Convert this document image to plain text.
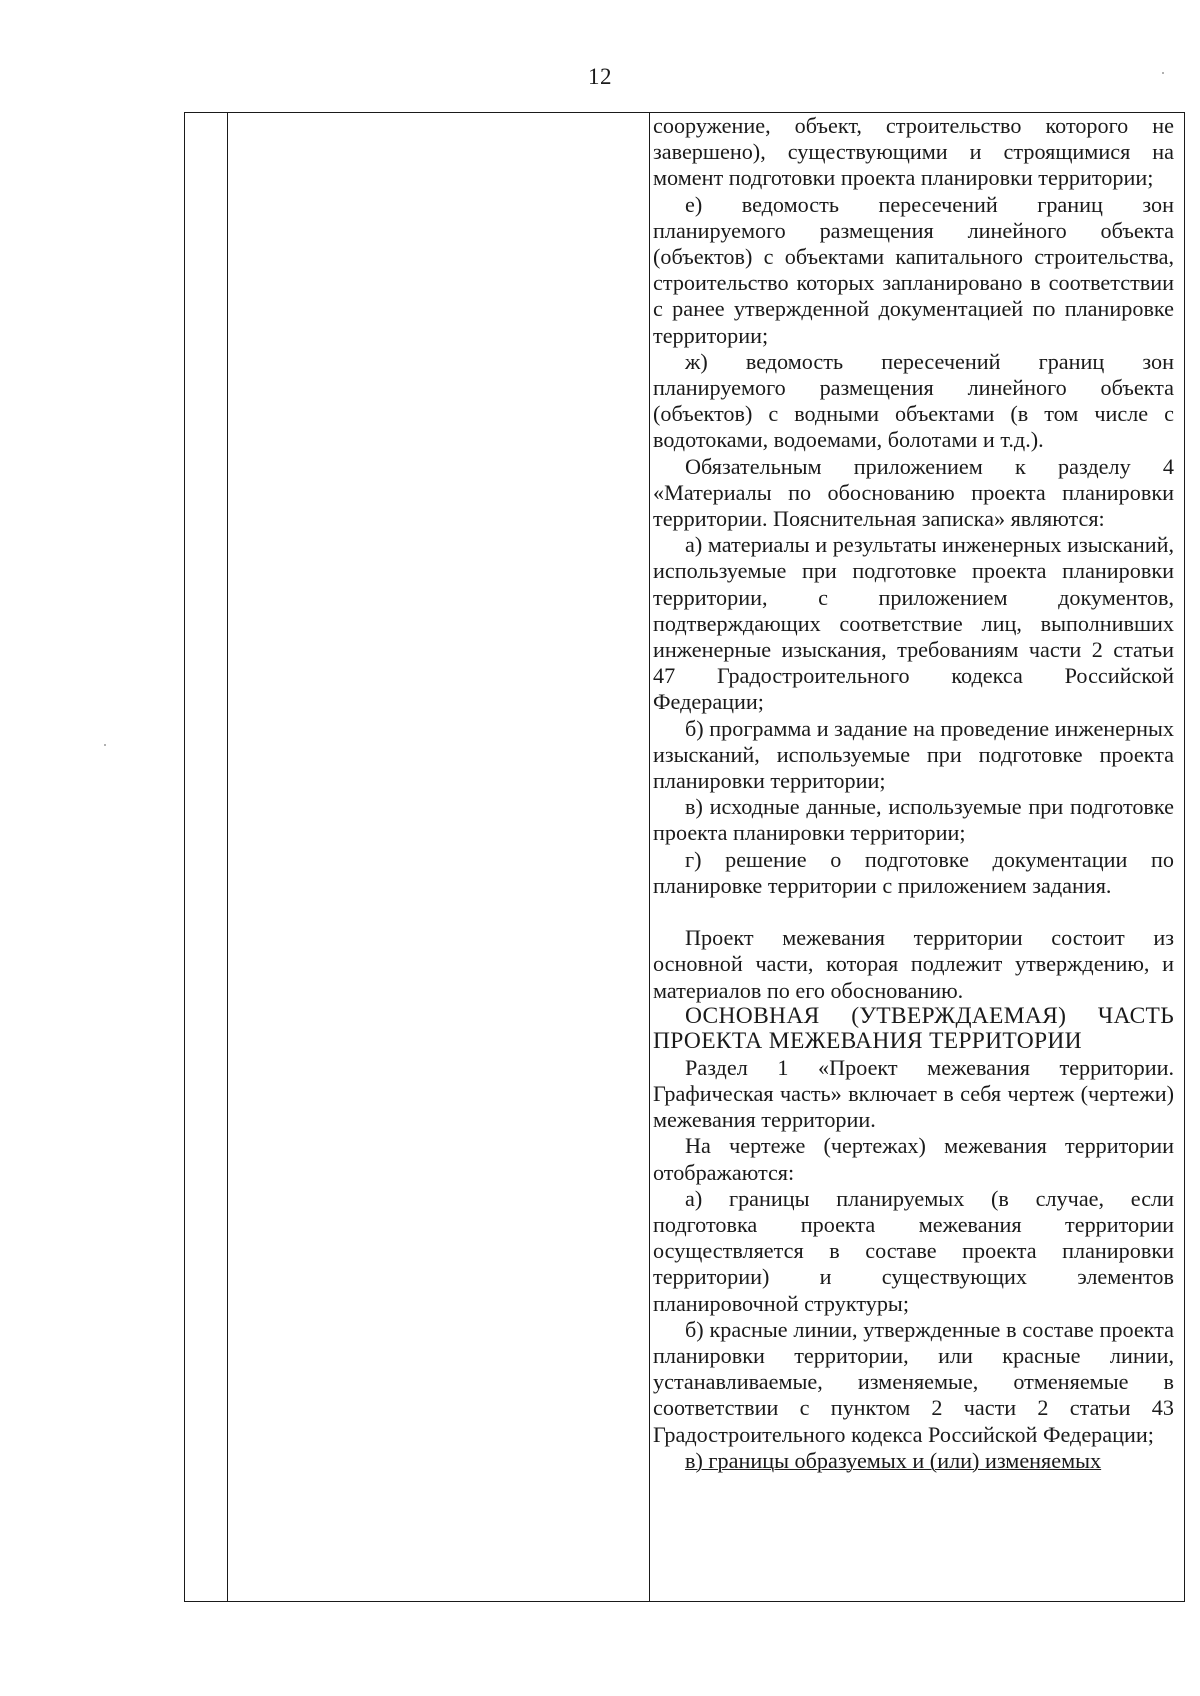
12

сооружение, объект, строительство которого не завершено), существующими и строящимися на момент подготовки проекта планировки территории;

е) ведомость пересечений границ зон планируемого размещения линейного объекта (объектов) с объектами капитального строительства, строительство которых запланировано в соответствии с ранее утвержденной документацией по планировке территории;

ж) ведомость пересечений границ зон планируемого размещения линейного объекта (объектов) с водными объектами (в том числе с водотоками, водоемами, болотами и т.д.).

Обязательным приложением к разделу 4 «Материалы по обоснованию проекта планировки территории. Пояснительная записка» являются:

а) материалы и результаты инженерных изысканий, используемые при подготовке проекта планировки территории, с приложением документов, подтверждающих соответствие лиц, выполнивших инженерные изыскания, требованиям части 2 статьи 47 Градостроительного кодекса Российской Федерации;

б) программа и задание на проведение инженерных изысканий, используемые при подготовке проекта планировки территории;

в) исходные данные, используемые при подготовке проекта планировки территории;

г) решение о подготовке документации по планировке территории с приложением задания.

Проект межевания территории состоит из основной части, которая подлежит утверждению, и материалов по его обоснованию.

ОСНОВНАЯ (УТВЕРЖДАЕМАЯ) ЧАСТЬ ПРОЕКТА МЕЖЕВАНИЯ ТЕРРИТОРИИ

Раздел 1 «Проект межевания территории. Графическая часть» включает в себя чертеж (чертежи) межевания территории.

На чертеже (чертежах) межевания территории отображаются:

а) границы планируемых (в случае, если подготовка проекта межевания территории осуществляется в составе проекта планировки территории) и существующих элементов планировочной структуры;

б) красные линии, утвержденные в составе проекта планировки территории, или красные линии, устанавливаемые, изменяемые, отменяемые в соответствии с пунктом 2 части 2 статьи 43 Градостроительного кодекса Российской Федерации;

в) границы образуемых и (или) изменяемых
